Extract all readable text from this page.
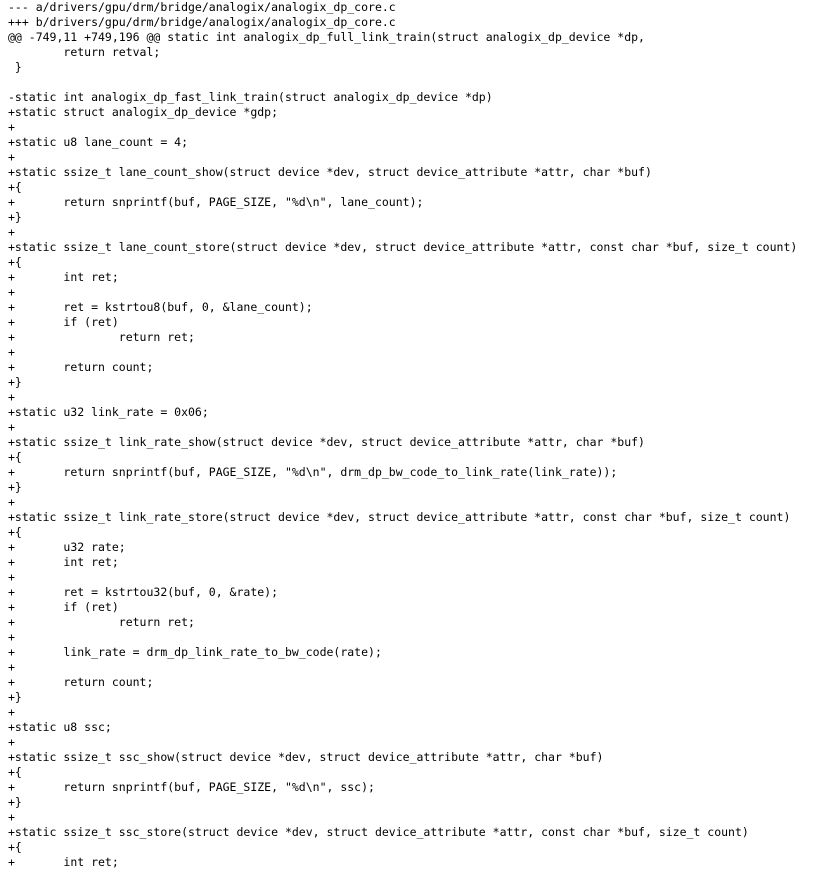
--- a/drivers/gpu/drm/bridge/analogix/analogix_dp_core.c
+++ b/drivers/gpu/drm/bridge/analogix/analogix_dp_core.c
@@ -749,11 +749,196 @@ static int analogix_dp_full_link_train(struct analogix_dp_device *dp,
	return retval;
}
-static int analogix_dp_fast_link_train(struct analogix_dp_device *dp)
+static struct analogix_dp_device *gdp;
+
+static u8 lane_count = 4;
+
+static ssize_t lane_count_show(struct device *dev, struct device_attribute *attr, char *buf)
+{
+	return snprintf(buf, PAGE_SIZE, "%d\n", lane_count);
+}
+
+static ssize_t lane_count_store(struct device *dev, struct device_attribute *attr, const char *buf, size_t count)
+{
+	int ret;
+
+	ret = kstrtou8(buf, 0, &lane_count);
+	if (ret)
+		return ret;
+
+	return count;
+}
+
+static u32 link_rate = 0x06;
+
+static ssize_t link_rate_show(struct device *dev, struct device_attribute *attr, char *buf)
+{
+	return snprintf(buf, PAGE_SIZE, "%d\n", drm_dp_bw_code_to_link_rate(link_rate));
+}
+
+static ssize_t link_rate_store(struct device *dev, struct device_attribute *attr, const char *buf, size_t count)
+{
+	u32 rate;
+	int ret;
+
+	ret = kstrtou32(buf, 0, &rate);
+	if (ret)
+		return ret;
+
+	link_rate = drm_dp_link_rate_to_bw_code(rate);
+
+	return count;
+}
+
+static u8 ssc;
+
+static ssize_t ssc_show(struct device *dev, struct device_attribute *attr, char *buf)
+{
+	return snprintf(buf, PAGE_SIZE, "%d\n", ssc);
+}
+
+static ssize_t ssc_store(struct device *dev, struct device_attribute *attr, const char *buf, size_t count)
+{
+	int ret;
